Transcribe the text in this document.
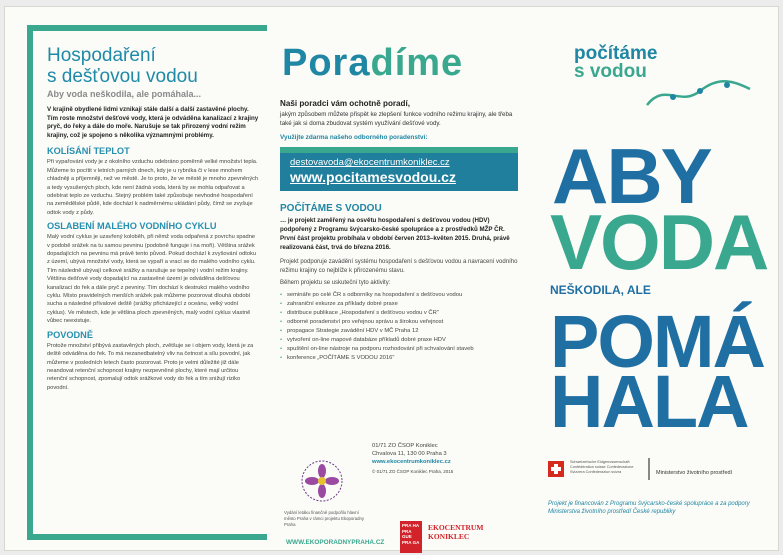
Hospodaření
s dešťovou vodou
Aby voda neškodila, ale pomáhala...

V krajině obydlené lidmi vznikají stále další a další zastavěné plochy. Tím roste množství dešťové vody, která je odváděna kanalizací z krajiny pryč, do řeky a dále do moře. Narušuje se tak přirozený vodní režim krajiny, což je spojeno s několika významnými problémy.

KOLÍSÁNÍ TEPLOT

Při vypařování vody je z okolního vzduchu odebráno poměrně velké množství tepla. Můžeme to pocítit v letních parných dnech, kdy je u rybníka či v lese mnohem chladněji a příjemněji, než ve městě. Je to proto, že ve městě je mnoho zpevněných a tedy vysušených ploch, kde není žádná voda, která by se mohla odpařovat a odebírat teplo ze vzduchu. Stejný problém také způsobuje nevhodné hospodaření na zemědělské půdě, kde dochází k nadměrnému ukládání půdy, čímž se zvyšuje odtok vody z půdy.

OSLABENÍ MALÉHO VODNÍHO CYKLU

Malý vodní cyklus je uzavřený koloběh, při němž voda odpařená z povrchu spadne v podobě srážek na tu samou pevninu (podobně funguje i na moři). Většina srážek dopadajících na pevninu má právě tento původ. Pokud dochází k zvyšování odtoku z území, ubývá množství vody, která se vypaří a vrací se do malého vodního cyklu. Tím následně ubývají celkové srážky a narušuje se tepelný i vodní režim krajiny. Většina dešťové vody dopadající na zastavěné území je odváděna dešťovou kanalizací do řek a dále pryč z pevniny. Tím dochází k destrukci malého vodního cyklu. Místo pravidelných menších srážek pak můžeme pozorovat dlouhá období sucha a následné přívalové deště (srážky přicházející z oceánu, velký vodní cyklus). Ve městech, kde je většina ploch zpevněných, malý vodní cyklus vlastně vůbec neexistuje.

POVODNĚ

Protože množství přibývá zastavěných ploch, zvětšuje se i objem vody, která je za deště odváděna do řek. To má nezanedbatelný vliv na četnost a sílu povodní, jak můžeme v posledních letech často pozorovat. Proto je velmi důležité již dále neandovat retenční schopnost krajiny nezpevněné plochy, které mají určitou retenční schopnost, zpomalují odtok srážkové vody do řek a tím snižují riziko povodní.

Poradíme
Naši poradci vám ochotně poradí,

jakým způsobem můžete přispět ke zlepšení funkce vodního režimu krajiny, ale třeba také jak si doma zbudovat systém využívání dešťové vody.

Využijte zdarma našeho odborného poradenství:
destovavoda@ekocentrumkoniklec.cz
www.pocitamesvodou.cz
POČÍTÁME S VODOU

… je projekt zaměřený na osvětu hospodaření s dešťovou vodou (HDV) podpořený z Programu švýcarsko-české spolupráce a z prostředků MŽP ČR. První část projektu probíhala v období červen 2013–květen 2015. Druhá, právě realizovaná část, trvá do března 2016.

Projekt podporuje zavádění systému hospodaření s dešťovou vodou a navracení vodního režimu krajiny co nejblíže k přirozenému stavu.

Během projektu se uskuteční tyto aktivity:

• semináře po celé ČR s odborníky na hospodaření s dešťovou vodou
• zahraniční exkurze za příklady dobré praxe
• distribuce publikace „Hospodaření s dešťovou vodou v ČR"
• odborné poradenství pro veřejnou správu a širokou veřejnost
• propagace Strategie zavádění HDV v MČ Praha 12
• vytvoření on-line mapové databáze příkladů dobré praxe HDV
• spuštění on-line nástroje na podporu rozhodování při schvalování staveb
• konference „POČÍTÁME S VODOU 2016"
01/71 ZO ČSOP Koniklec
Chvalova 11, 130 00 Praha 3
www.ekocentrumkoniklec.cz
© 01/71 ZO ČSOP Koniklec Praha, 2015
Vydání letáku finančně podpořilo hlavní město Praha v rámci projektu Ekoporadny Praha
WWW.EKOPORADNYPRAHA.CZ
PRA HA PRA GUE PRA GA
EKOCENTRUM
KONIKLEC
počítáme
s vodou
ABY
VODA
NEŠKODILA, ALE
POMÁ
HALA
Schweizerische Eidgenossenschaft Confédération suisse Confederazione Svizzera Confederaziun svizra	Ministerstvo životního prostředí
Projekt je financován z Programu švýcarsko-české spolupráce a za podpory Ministerstva životního prostředí České republiky
